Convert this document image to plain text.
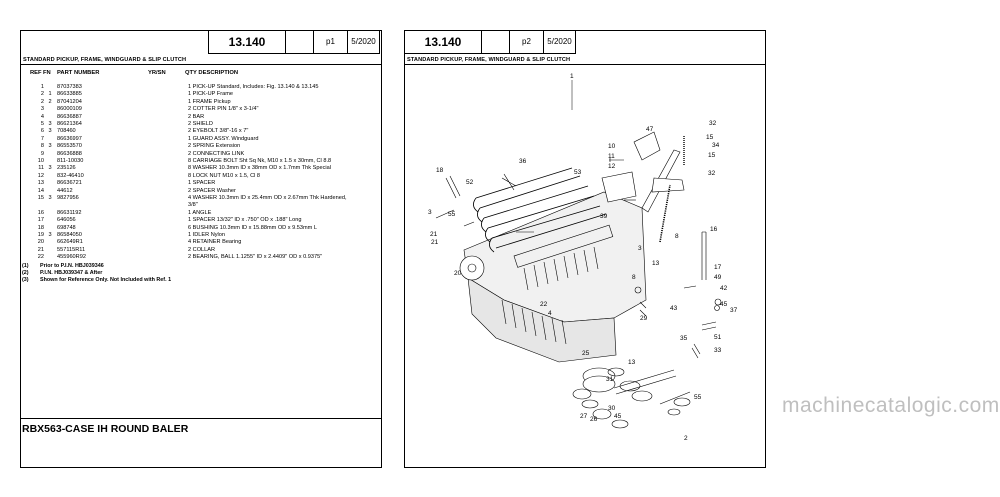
13.140	p1	5/2020
STANDARD PICKUP, FRAME, WINDGUARD & SLIP CLUTCH
REF FN PART NUMBER	YR/SN	QTY DESCRIPTION
1 87037383	1 PICK-UP Standard, Includes: Fig. 13.140 & 13.145
2 1 86633885	1 PICK-UP Frame
2 2 87041204	1 FRAME Pickup
3 86000109	2 COTTER PIN 1/8" x 3-1/4"
4 86636887	2 BAR
5 3 86621364	2 SHIELD
6 3 708460	2 EYEBOLT 3/8"-16 x 7"
7 86636997	1 GUARD ASSY. Windguard
8 3 86553570	2 SPRING Extension
9 86636888	2 CONNECTING LINK
10 811-10030	8 CARRIAGE BOLT Sht Sq Nk, M10 x 1.5 x 30mm, Cl 8.8
11 3 235126	8 WASHER 10.3mm ID x 38mm OD x 1.7mm Thk Special
12 832-46410	8 LOCK NUT M10 x 1.5, Cl 8
13 86636721	1 SPACER
14 44612	2 SPACER Washer
15 3 9827956	4 WASHER 10.3mm ID x 25.4mm OD x 2.67mm Thk Hardened,
3/8"
16 86631192	1 ANGLE
17 646056	1 SPACER 13/32" ID x .750" OD x .188" Long
18 698748	6 BUSHING 10.3mm ID x 15.88mm OD x 9.53mm L
19 3 86584050	1 IDLER Nylon
20 662649R1	4 RETAINER Bearing
21 557115R11	2 COLLAR
22 455960R92	2 BEARING, BALL 1.1255" ID x 2.4409" OD x 0.9375"
(1) Prior to P.I.N. HBJ039346
(2) P.I.N. HBJ039347 & After
(3) Shown for Reference Only. Not Included with Ref. 1
RBX563-CASE IH ROUND BALER
13.140	p2	5/2020
STANDARD PICKUP, FRAME, WINDGUARD & SLIP CLUTCH
1
47
32
53
15
34
18
36
15
32
10
11
12
52
39
55
20
8
3
16
13
3
8	49
17
42
45
43
22
37
21
29
51
35
33
25
13
31
30
45
26
27
55
2
4
21
machinecatalogic.com
